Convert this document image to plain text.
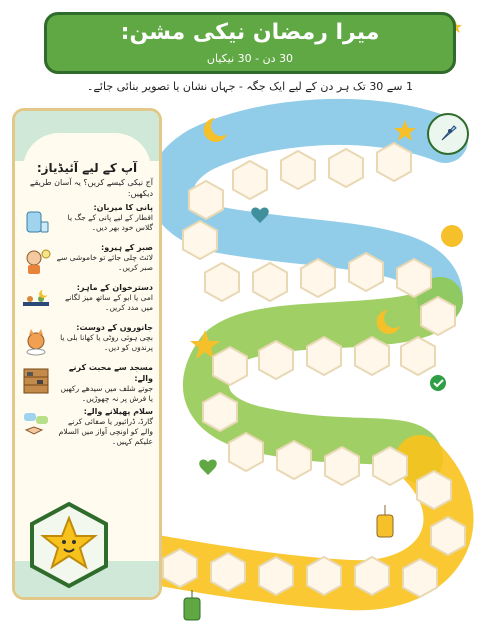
میرا رمضان نیکی مشن:
30 دن - 30 نیکیاں
1 سے 30 تک ہر دن کے لیے ایک جگہ - جہاں نشان یا تصویر بنائی جائے۔
آپ کے لیے آئیڈیاز:
آج نیکی کیسے کریں؟ یہ آسان طریقے دیکھیں:
پانی کا میربان:
افطار کے لیے پانی کے جگ یا گلاس خود بھر دیں۔
صبر کے ہیرو:
لائٹ چلی جائے تو خاموشی سے صبر کریں۔
دسترخوان کے ماہر:
امی یا ابو کے ساتھ میز لگانے میں مدد کریں۔
جانوروں کے دوست:
بچی ہوئی روٹی یا کھانا بلی یا پرندوں کو دیں۔
مسجد سے محبت کرنے والے:
جوتے شلف میں سیدھے رکھیں یا فرش پر نہ چھوڑیں۔
سلام پھیلانے والے:
گارڈ، ڈرائیور یا صفائی کرنے والے کو اونچی آواز میں السلام علیکم کہیں۔
